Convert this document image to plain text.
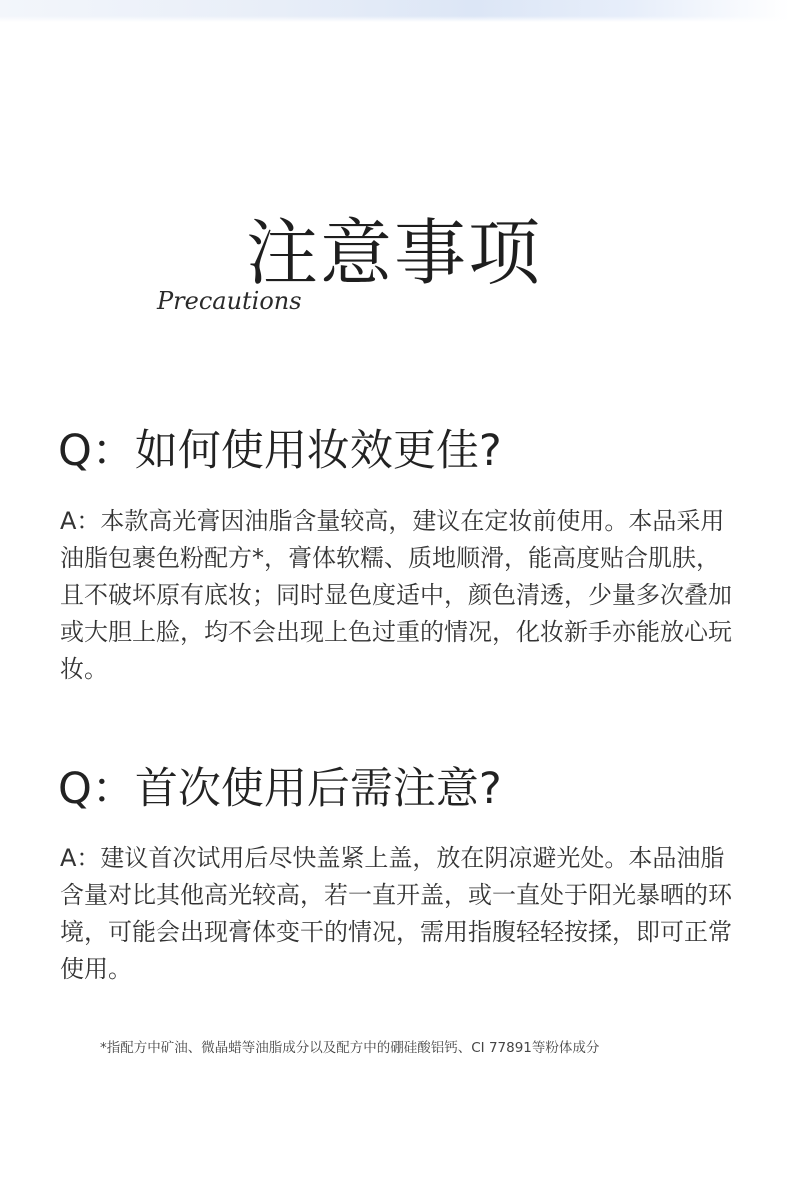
注意事项
Precautions
Q：如何使用妆效更佳?

A：本款高光膏因油脂含量较高，建议在定妆前使用。本品采用油脂包裹色粉配方*，膏体软糯、质地顺滑，能高度贴合肌肤，且不破坏原有底妆；同时显色度适中，颜色清透，少量多次叠加或大胆上脸，均不会出现上色过重的情况，化妆新手亦能放心玩妆。

Q：首次使用后需注意?

A：建议首次试用后尽快盖紧上盖，放在阴凉避光处。本品油脂含量对比其他高光较高，若一直开盖，或一直处于阳光暴晒的环境，可能会出现膏体变干的情况，需用指腹轻轻按揉，即可正常使用。

*指配方中矿油、微晶蜡等油脂成分以及配方中的硼硅酸铝钙、CI 77891等粉体成分
